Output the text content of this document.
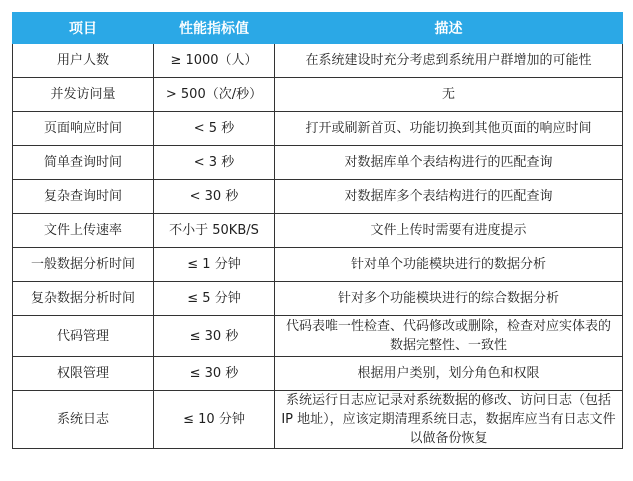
项目	性能指标值	描述
用户人数	≥ 1000（人）	在系统建设时充分考虑到系统用户群增加的可能性
并发访问量	> 500（次/秒）	无
页面响应时间	< 5 秒	打开或刷新首页、功能切换到其他页面的响应时间
简单查询时间	< 3 秒	对数据库单个表结构进行的匹配查询
复杂查询时间	< 30 秒	对数据库多个表结构进行的匹配查询
文件上传速率	不小于 50KB/S	文件上传时需要有进度提示
一般数据分析时间	≤ 1 分钟	针对单个功能模块进行的数据分析
复杂数据分析时间	≤ 5 分钟	针对多个功能模块进行的综合数据分析
代码管理	≤ 30 秒	代码表唯一性检查、代码修改或删除，检查对应实体表的数据完整性、一致性
权限管理	≤ 30 秒	根据用户类别，划分角色和权限
系统日志	≤ 10 分钟	系统运行日志应记录对系统数据的修改、访问日志（包括 IP 地址），应该定期清理系统日志，数据库应当有日志文件以做备份恢复
